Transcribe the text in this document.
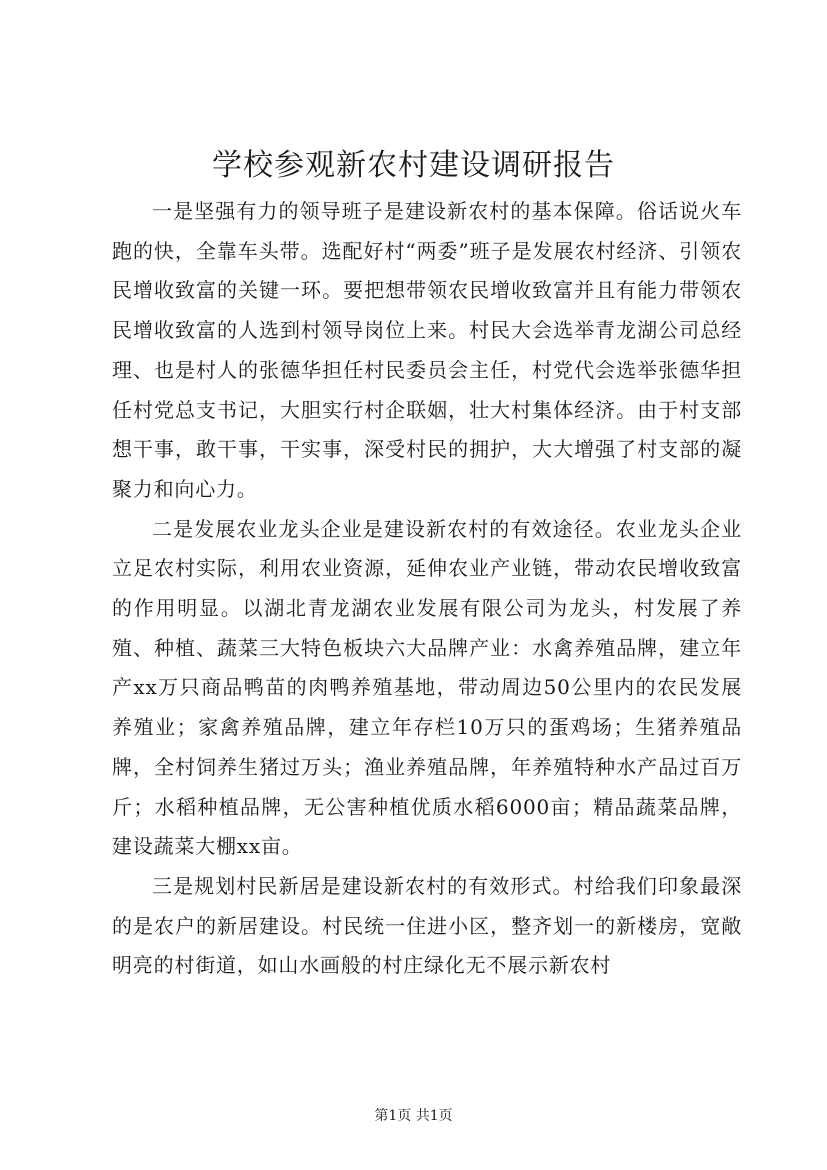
学校参观新农村建设调研报告

一是坚强有力的领导班子是建设新农村的基本保障。俗话说火车跑的快，全靠车头带。选配好村“两委”班子是发展农村经济、引领农民增收致富的关键一环。要把想带领农民增收致富并且有能力带领农民增收致富的人选到村领导岗位上来。村民大会选举青龙湖公司总经理、也是村人的张德华担任村民委员会主任，村党代会选举张德华担任村党总支书记，大胆实行村企联姻，壮大村集体经济。由于村支部想干事，敢干事，干实事，深受村民的拥护，大大增强了村支部的凝聚力和向心力。

二是发展农业龙头企业是建设新农村的有效途径。农业龙头企业立足农村实际，利用农业资源，延伸农业产业链，带动农民增收致富的作用明显。以湖北青龙湖农业发展有限公司为龙头，村发展了养殖、种植、蔬菜三大特色板块六大品牌产业：水禽养殖品牌，建立年产xx万只商品鸭苗的肉鸭养殖基地，带动周边50公里内的农民发展养殖业；家禽养殖品牌，建立年存栏10万只的蛋鸡场；生猪养殖品牌，全村饲养生猪过万头；渔业养殖品牌，年养殖特种水产品过百万斤；水稻种植品牌，无公害种植优质水稻6000亩；精品蔬菜品牌，建设蔬菜大棚xx亩。

三是规划村民新居是建设新农村的有效形式。村给我们印象最深的是农户的新居建设。村民统一住进小区，整齐划一的新楼房，宽敞明亮的村街道，如山水画般的村庄绿化无不展示新农村

第1页 共1页
